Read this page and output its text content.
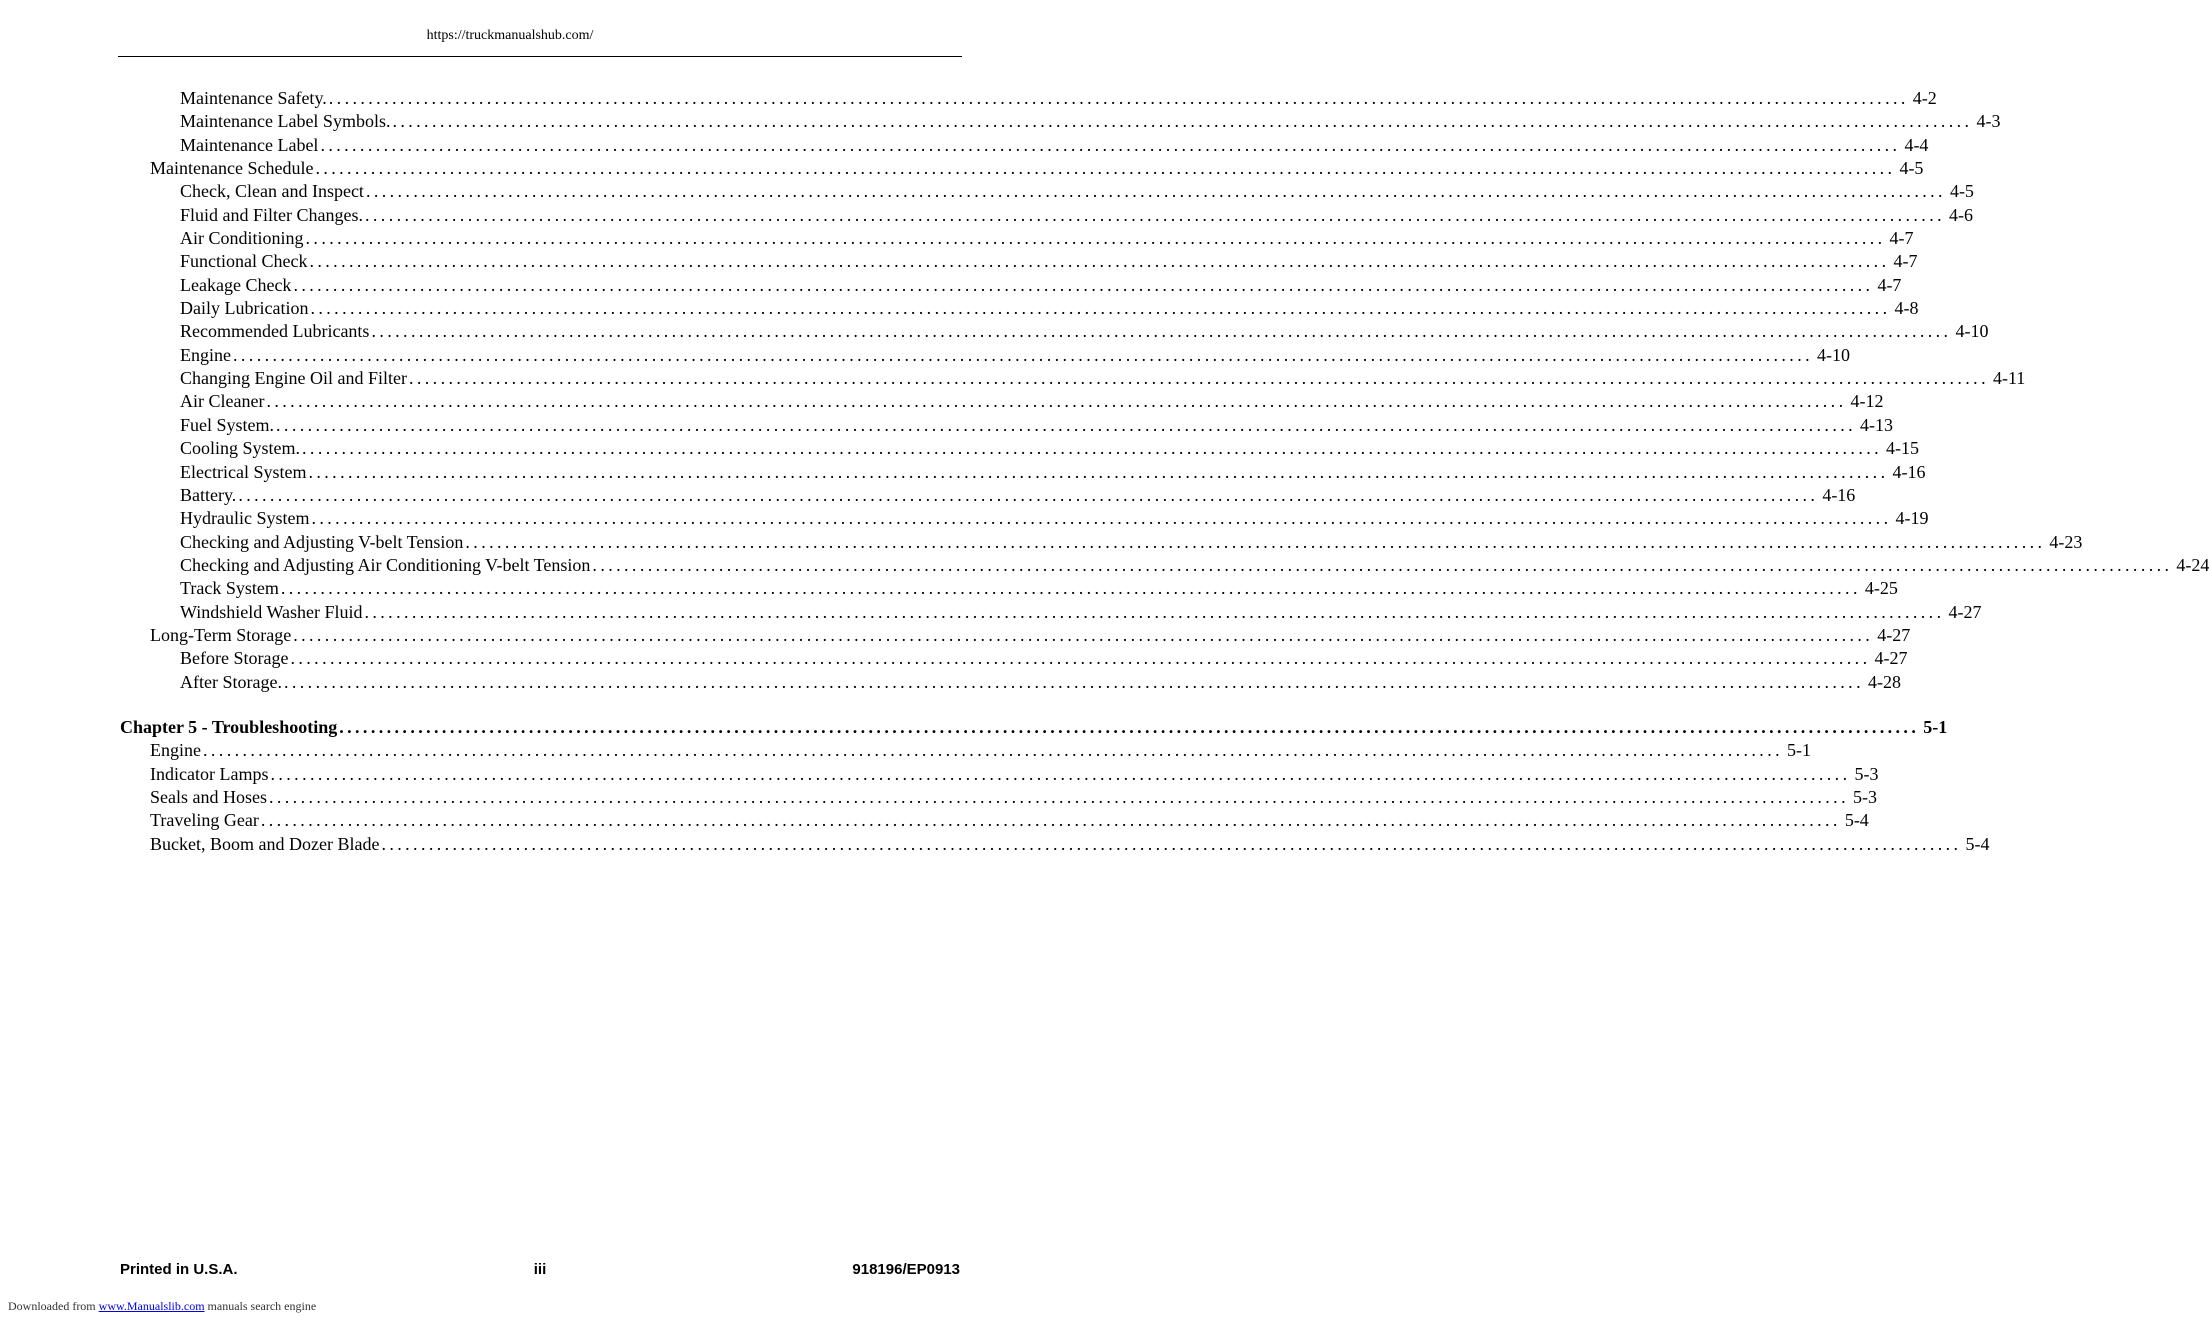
https://truckmanualshub.com/
Maintenance Safety. ........................................................................................................................................................................................................ 4-2
Maintenance Label Symbols. ........................................................................................................................................................................................................ 4-3
Maintenance Label ........................................................................................................................................................................................................ 4-4
Maintenance Schedule ........................................................................................................................................................................................................ 4-5
Check, Clean and Inspect ........................................................................................................................................................................................................ 4-5
Fluid and Filter Changes. ........................................................................................................................................................................................................ 4-6
Air Conditioning ........................................................................................................................................................................................................ 4-7
Functional Check ........................................................................................................................................................................................................ 4-7
Leakage Check ........................................................................................................................................................................................................ 4-7
Daily Lubrication ........................................................................................................................................................................................................ 4-8
Recommended Lubricants ........................................................................................................................................................................................................ 4-10
Engine ........................................................................................................................................................................................................ 4-10
Changing Engine Oil and Filter ........................................................................................................................................................................................................ 4-11
Air Cleaner ........................................................................................................................................................................................................ 4-12
Fuel System. ........................................................................................................................................................................................................ 4-13
Cooling System. ........................................................................................................................................................................................................ 4-15
Electrical System ........................................................................................................................................................................................................ 4-16
Battery. ........................................................................................................................................................................................................ 4-16
Hydraulic System ........................................................................................................................................................................................................ 4-19
Checking and Adjusting V-belt Tension ........................................................................................................................................................................................................ 4-23
Checking and Adjusting Air Conditioning V-belt Tension ........................................................................................................................................................................................................ 4-24
Track System ........................................................................................................................................................................................................ 4-25
Windshield Washer Fluid ........................................................................................................................................................................................................ 4-27
Long-Term Storage ........................................................................................................................................................................................................ 4-27
Before Storage ........................................................................................................................................................................................................ 4-27
After Storage. ........................................................................................................................................................................................................ 4-28
Chapter 5 - Troubleshooting ........................................................................................................................................................................................................ 5-1
Engine ........................................................................................................................................................................................................ 5-1
Indicator Lamps ........................................................................................................................................................................................................ 5-3
Seals and Hoses ........................................................................................................................................................................................................ 5-3
Traveling Gear ........................................................................................................................................................................................................ 5-4
Bucket, Boom and Dozer Blade ........................................................................................................................................................................................................ 5-4
Printed in U.S.A.	iii	918196/EP0913
Downloaded from www.Manualslib.com manuals search engine
